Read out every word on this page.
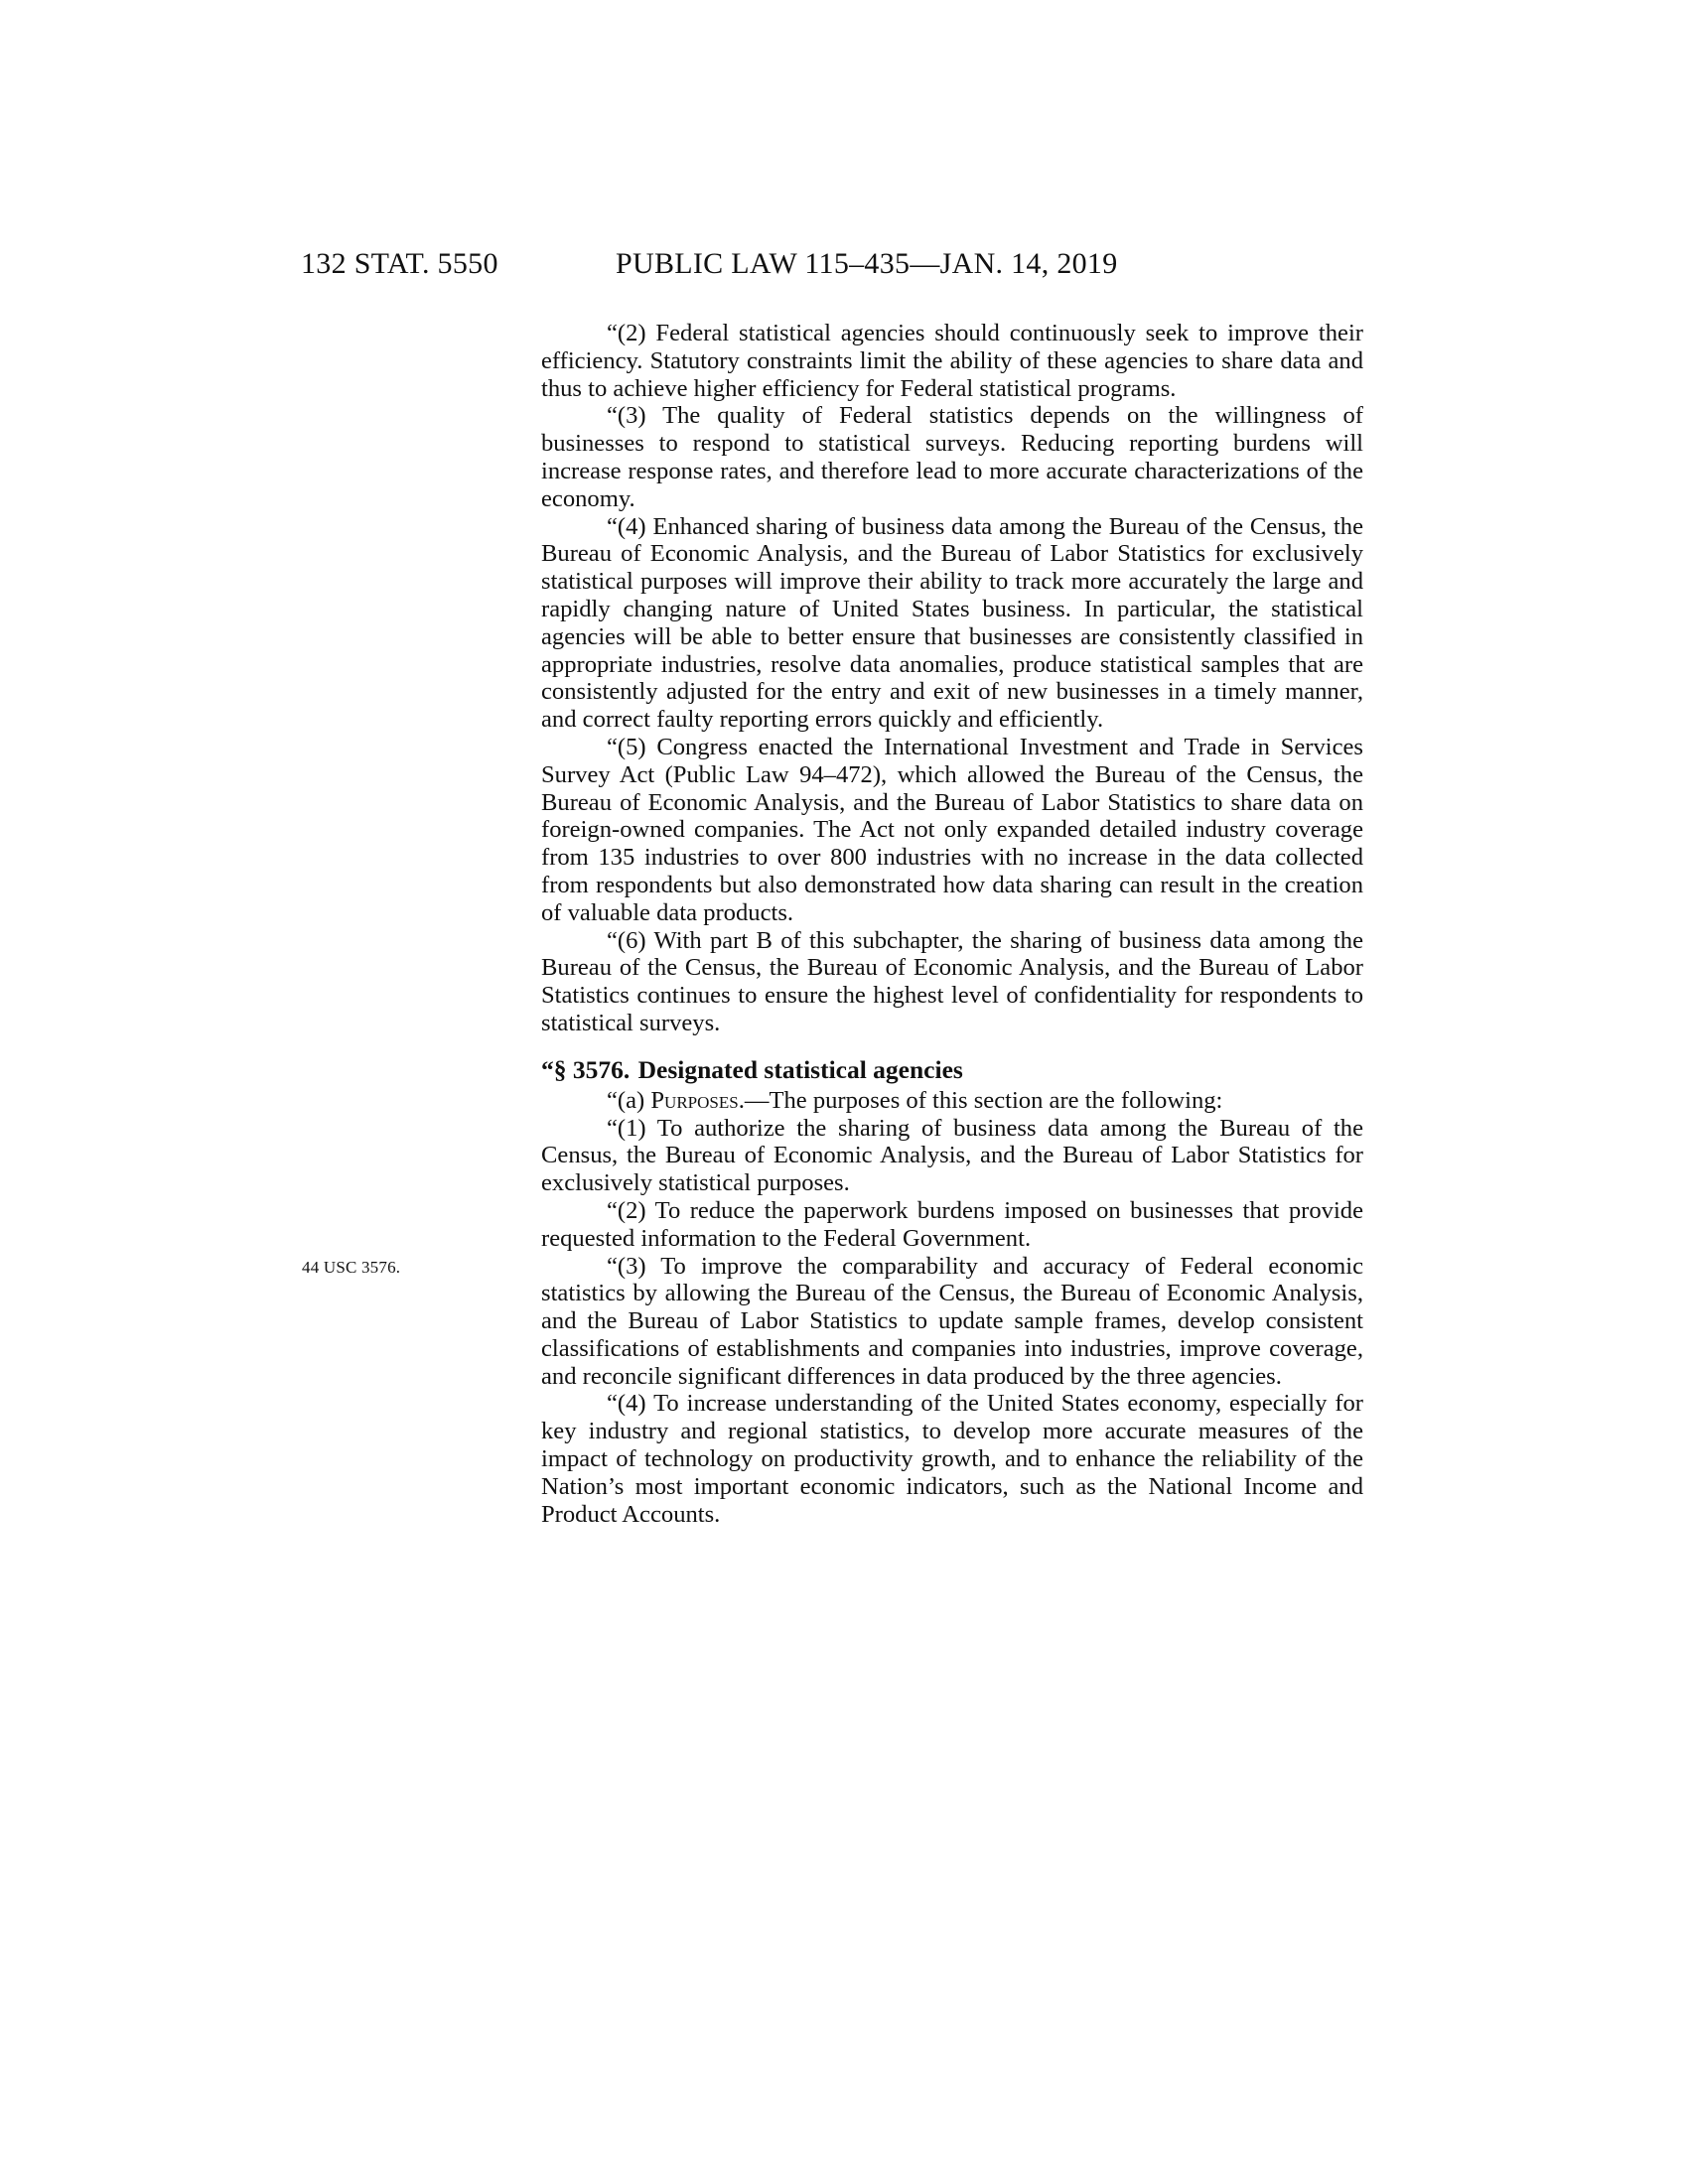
132 STAT. 5550	PUBLIC LAW 115–435—JAN. 14, 2019
44 USC 3576.

“(2) Federal statistical agencies should continuously seek to improve their efficiency. Statutory constraints limit the ability of these agencies to share data and thus to achieve higher efficiency for Federal statistical programs.

“(3) The quality of Federal statistics depends on the willingness of businesses to respond to statistical surveys. Reducing reporting burdens will increase response rates, and therefore lead to more accurate characterizations of the economy.

“(4) Enhanced sharing of business data among the Bureau of the Census, the Bureau of Economic Analysis, and the Bureau of Labor Statistics for exclusively statistical purposes will improve their ability to track more accurately the large and rapidly changing nature of United States business. In particular, the statistical agencies will be able to better ensure that businesses are consistently classified in appropriate industries, resolve data anomalies, produce statistical samples that are consistently adjusted for the entry and exit of new businesses in a timely manner, and correct faulty reporting errors quickly and efficiently.

“(5) Congress enacted the International Investment and Trade in Services Survey Act (Public Law 94–472), which allowed the Bureau of the Census, the Bureau of Economic Analysis, and the Bureau of Labor Statistics to share data on foreign-owned companies. The Act not only expanded detailed industry coverage from 135 industries to over 800 industries with no increase in the data collected from respondents but also demonstrated how data sharing can result in the creation of valuable data products.

“(6) With part B of this subchapter, the sharing of business data among the Bureau of the Census, the Bureau of Economic Analysis, and the Bureau of Labor Statistics continues to ensure the highest level of confidentiality for respondents to statistical surveys.

“§ 3576. Designated statistical agencies

“(a) Purposes.—The purposes of this section are the following:

“(1) To authorize the sharing of business data among the Bureau of the Census, the Bureau of Economic Analysis, and the Bureau of Labor Statistics for exclusively statistical purposes.

“(2) To reduce the paperwork burdens imposed on businesses that provide requested information to the Federal Government.

“(3) To improve the comparability and accuracy of Federal economic statistics by allowing the Bureau of the Census, the Bureau of Economic Analysis, and the Bureau of Labor Statistics to update sample frames, develop consistent classifications of establishments and companies into industries, improve coverage, and reconcile significant differences in data produced by the three agencies.

“(4) To increase understanding of the United States economy, especially for key industry and regional statistics, to develop more accurate measures of the impact of technology on productivity growth, and to enhance the reliability of the Nation’s most important economic indicators, such as the National Income and Product Accounts.
